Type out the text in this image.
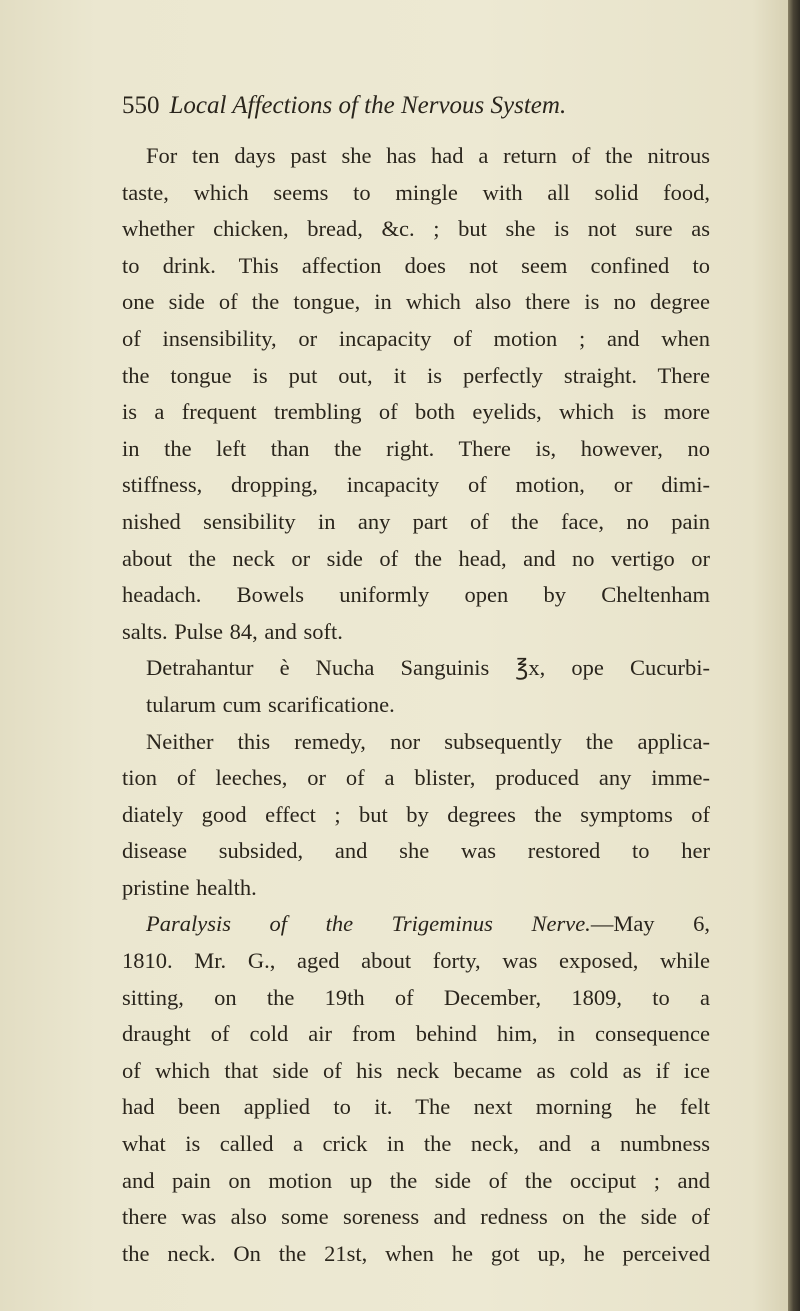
550 Local Affections of the Nervous System.

For ten days past she has had a return of the nitrous

taste, which seems to mingle with all solid food,

whether chicken, bread, &c. ; but she is not sure as

to drink. This affection does not seem confined to

one side of the tongue, in which also there is no degree

of insensibility, or incapacity of motion ; and when

the tongue is put out, it is perfectly straight. There

is a frequent trembling of both eyelids, which is more

in the left than the right. There is, however, no

stiffness, dropping, incapacity of motion, or dimi-

nished sensibility in any part of the face, no pain

about the neck or side of the head, and no vertigo or

headach. Bowels uniformly open by Cheltenham

salts. Pulse 84, and soft.

Detrahantur è Nucha Sanguinis ℥x, ope Cucurbi-

tularum cum scarificatione.

Neither this remedy, nor subsequently the applica-

tion of leeches, or of a blister, produced any imme-

diately good effect ; but by degrees the symptoms of

disease subsided, and she was restored to her

pristine health.

Paralysis of the Trigeminus Nerve.—May 6,

1810. Mr. G., aged about forty, was exposed, while

sitting, on the 19th of December, 1809, to a

draught of cold air from behind him, in consequence

of which that side of his neck became as cold as if ice

had been applied to it. The next morning he felt

what is called a crick in the neck, and a numbness

and pain on motion up the side of the occiput ; and

there was also some soreness and redness on the side of

the neck. On the 21st, when he got up, he perceived
